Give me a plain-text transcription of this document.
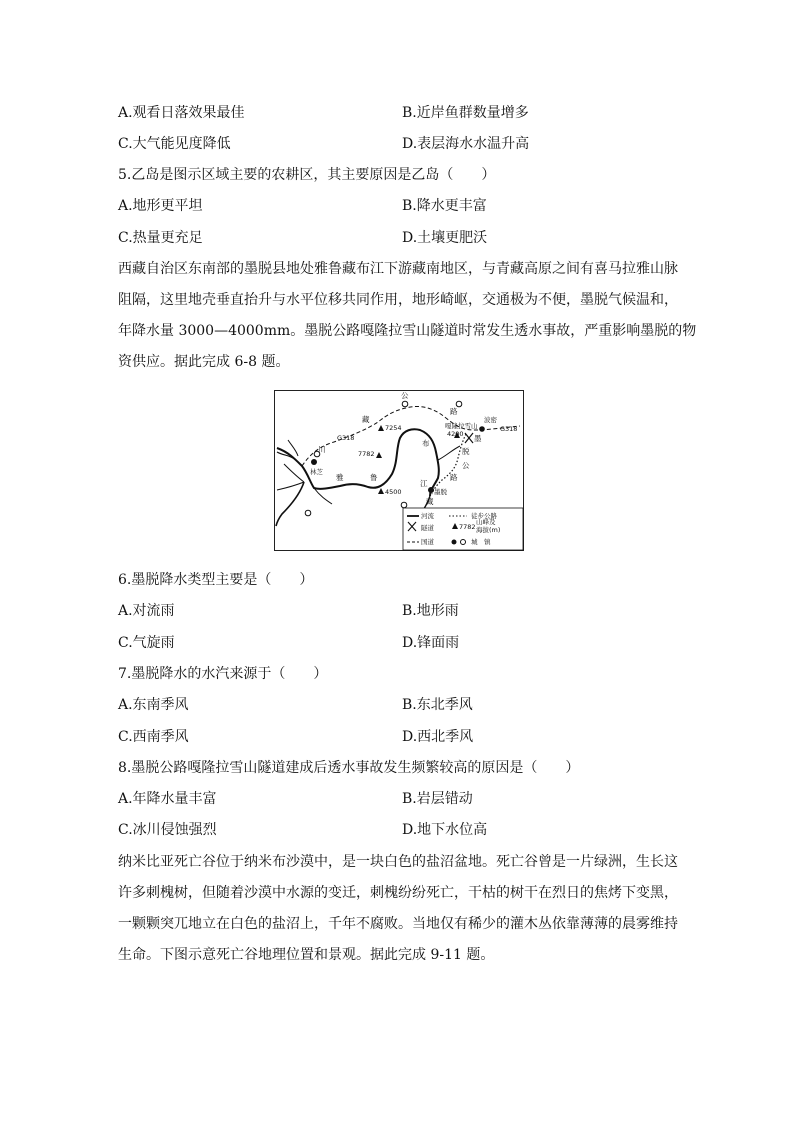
A.观看日落效果最佳	B.近岸鱼群数量增多
C.大气能见度降低	D.表层海水水温升高
5.乙岛是图示区域主要的农耕区，其主要原因是乙岛（　　）
A.地形更平坦	B.降水更丰富
C.热量更充足	D.土壤更肥沃
西藏自治区东南部的墨脱县地处雅鲁藏布江下游藏南地区，与青藏高原之间有喜马拉雅山脉
阻隔，这里地壳垂直抬升与水平位移共同作用，地形崎岖，交通极为不便，墨脱气候温和，
年降水量 3000—4000mm。墨脱公路嘎隆拉雪山隧道时常发生透水事故，严重影响墨脱的物
资供应。据此完成 6-8 题。
公
路
藏
嘎隆拉雪山
4200
波密
G318
G318
7254
7782
4500
川
林芝
雅	鲁
布
江
墨
脱
公
路
墨脱
藏
河流	徒步公路
隧道	7782
山峰及
海拔(m)
国道	城　镇
6.墨脱降水类型主要是（　　）
A.对流雨	B.地形雨
C.气旋雨	D.锋面雨
7.墨脱降水的水汽来源于（　　）
A.东南季风	B.东北季风
C.西南季风	D.西北季风
8.墨脱公路嘎隆拉雪山隧道建成后透水事故发生频繁较高的原因是（　　）
A.年降水量丰富	B.岩层错动
C.冰川侵蚀强烈	D.地下水位高
纳米比亚死亡谷位于纳米布沙漠中，是一块白色的盐沼盆地。死亡谷曾是一片绿洲，生长这
许多刺槐树，但随着沙漠中水源的变迁，刺槐纷纷死亡，干枯的树干在烈日的焦烤下变黑，
一颗颗突兀地立在白色的盐沼上，千年不腐败。当地仅有稀少的灌木丛依靠薄薄的晨雾维持
生命。下图示意死亡谷地理位置和景观。据此完成 9-11 题。
